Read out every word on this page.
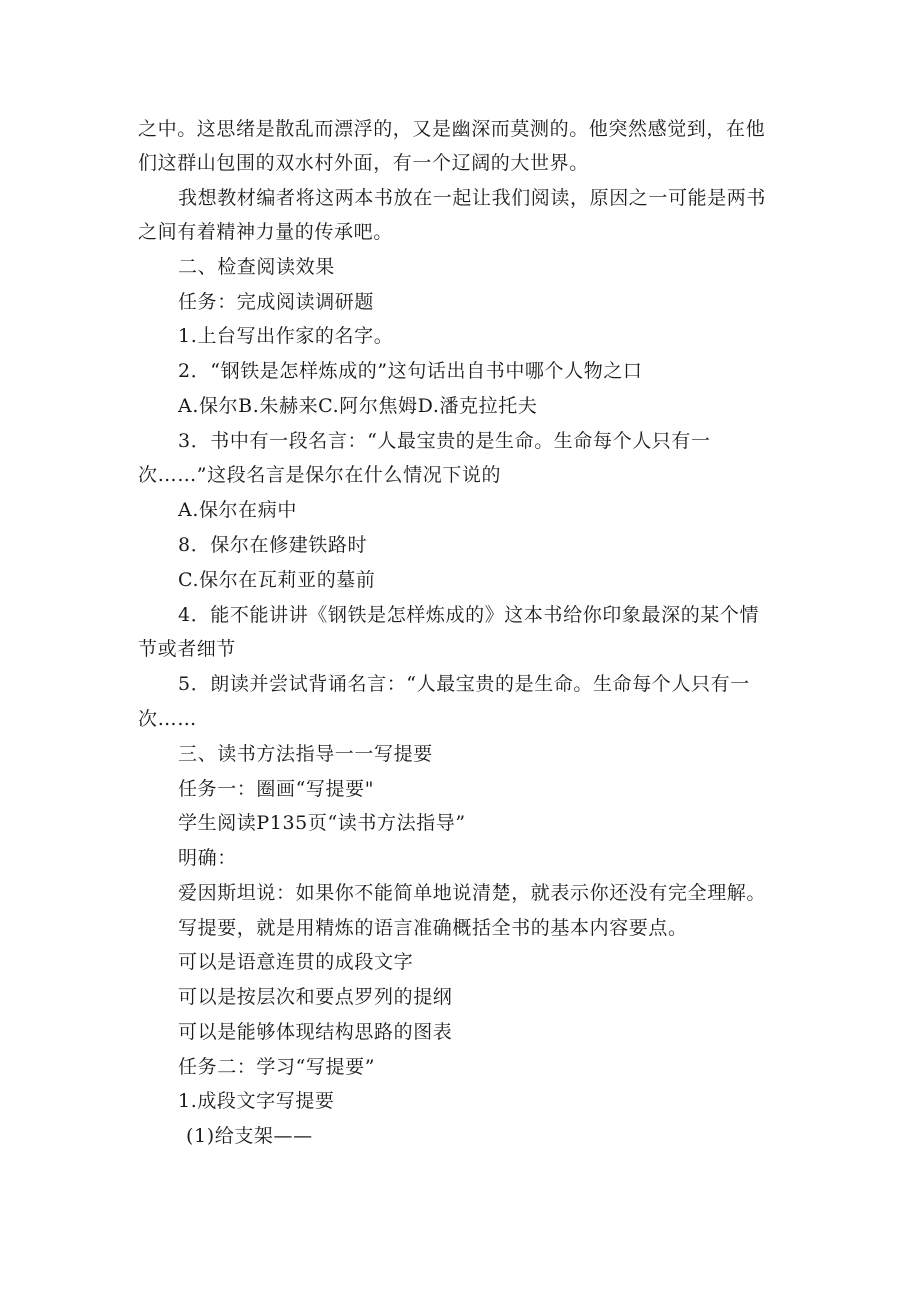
之中。这思绪是散乱而漂浮的，又是幽深而莫测的。他突然感觉到，在他
们这群山包围的双水村外面，有一个辽阔的大世界。
我想教材编者将这两本书放在一起让我们阅读，原因之一可能是两书
之间有着精神力量的传承吧。
二、检查阅读效果
任务：完成阅读调研题
1.上台写出作家的名字。
2．“钢铁是怎样炼成的”这句话出自书中哪个人物之口
A.保尔B.朱赫来C.阿尔焦姆D.潘克拉托夫
3．书中有一段名言：“人最宝贵的是生命。生命每个人只有一
次……”这段名言是保尔在什么情况下说的
A.保尔在病中
8．保尔在修建铁路时
C.保尔在瓦莉亚的墓前
4．能不能讲讲《钢铁是怎样炼成的》这本书给你印象最深的某个情
节或者细节
5．朗读并尝试背诵名言：“人最宝贵的是生命。生命每个人只有一
次……
三、读书方法指导一一写提要
任务一：圈画“写提要"
学生阅读P135页“读书方法指导”
明确：
爱因斯坦说：如果你不能简单地说清楚，就表示你还没有完全理解。
写提要，就是用精炼的语言准确概括全书的基本内容要点。
可以是语意连贯的成段文字
可以是按层次和要点罗列的提纲
可以是能够体现结构思路的图表
任务二：学习“写提要”
1.成段文字写提要
(1)给支架——
